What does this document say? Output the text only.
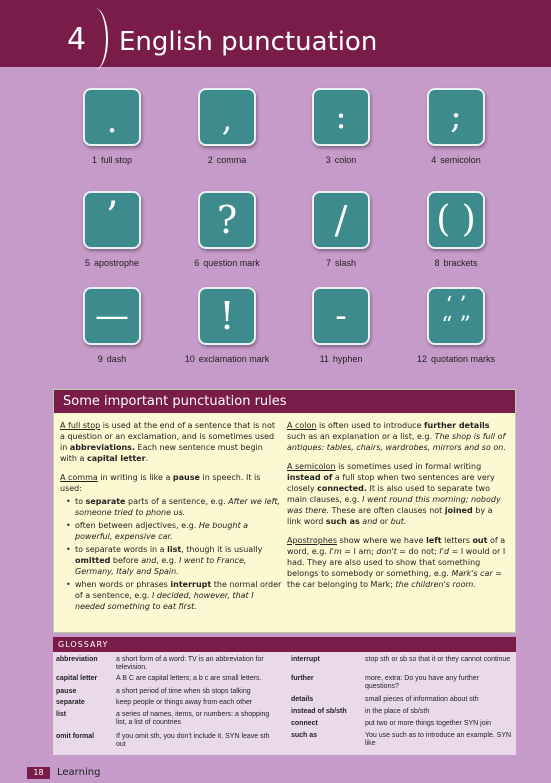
4 English punctuation
.
1 full stop
,
2 comma
:
3 colon
;
4 semicolon
’
5 apostrophe
?
6 question mark
/
7 slash
( )
8 brackets
—
9 dash
!
10 exclamation mark
-
11 hyphen
‘ ’
“ ”
12 quotation marks
Some important punctuation rules

A full stop is used at the end of a sentence that is not a question or an exclamation, and is sometimes used in abbreviations. Each new sentence must begin with a capital letter.

A comma in writing is like a pause in speech. It is used:

• to separate parts of a sentence, e.g. After we left, someone tried to phone us.
• often between adjectives, e.g. He bought a powerful, expensive car.
• to separate words in a list, though it is usually omitted before and, e.g. I went to France, Germany, Italy and Spain.
• when words or phrases interrupt the normal order of a sentence, e.g. I decided, however, that I needed something to eat first.

A colon is often used to introduce further details such as an explanation or a list, e.g. The shop is full of antiques: tables, chairs, wardrobes, mirrors and so on.

A semicolon is sometimes used in formal writing instead of a full stop when two sentences are very closely connected. It is also used to separate two main clauses, e.g. I went round this morning; nobody was there. These are often clauses not joined by a link word such as and or but.

Apostrophes show where we have left letters out of a word, e.g. I'm = I am; don't = do not; I'd = I would or I had. They are also used to show that something belongs to somebody or something, e.g. Mark's car = the car belonging to Mark; the children's room.

GLOSSARY
abbreviation	a short form of a word: TV is an abbreviation for television.
capital letter	A B C are capital letters; a b c are small letters.
pause	a short period of time when sb stops talking
separate	keep people or things away from each other
list	a series of names, items, or numbers: a shopping list, a list of countries
omit formal	If you omit sth, you don't include it. SYN leave sth out
interrupt	stop sth or sb so that it or they cannot continue
further	more, extra: Do you have any further questions?
details	small pieces of information about sth
instead of sb/sth	in the place of sb/sth
connect	put two or more things together SYN join
such as	You use such as to introduce an example. SYN like
18	Learning
